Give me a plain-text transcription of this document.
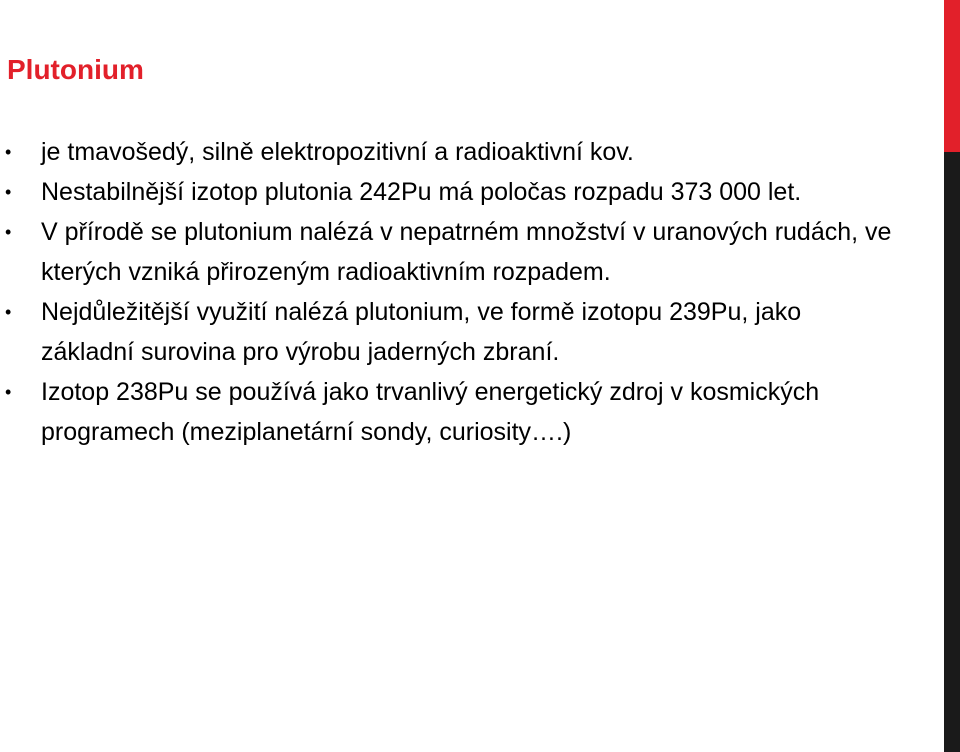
Plutonium
• je tmavošedý, silně elektropozitivní a radioaktivní kov.
• Nestabilnější izotop plutonia 242Pu má poločas rozpadu 373 000 let.
• V přírodě se plutonium nalézá v nepatrném množství v uranových rudách, ve kterých vzniká přirozeným radioaktivním rozpadem.
• Nejdůležitější využití nalézá plutonium, ve formě izotopu 239Pu, jako základní surovina pro výrobu jaderných zbraní.
• Izotop 238Pu se používá jako trvanlivý energetický zdroj v kosmických programech (meziplanetární sondy, curiosity….)
